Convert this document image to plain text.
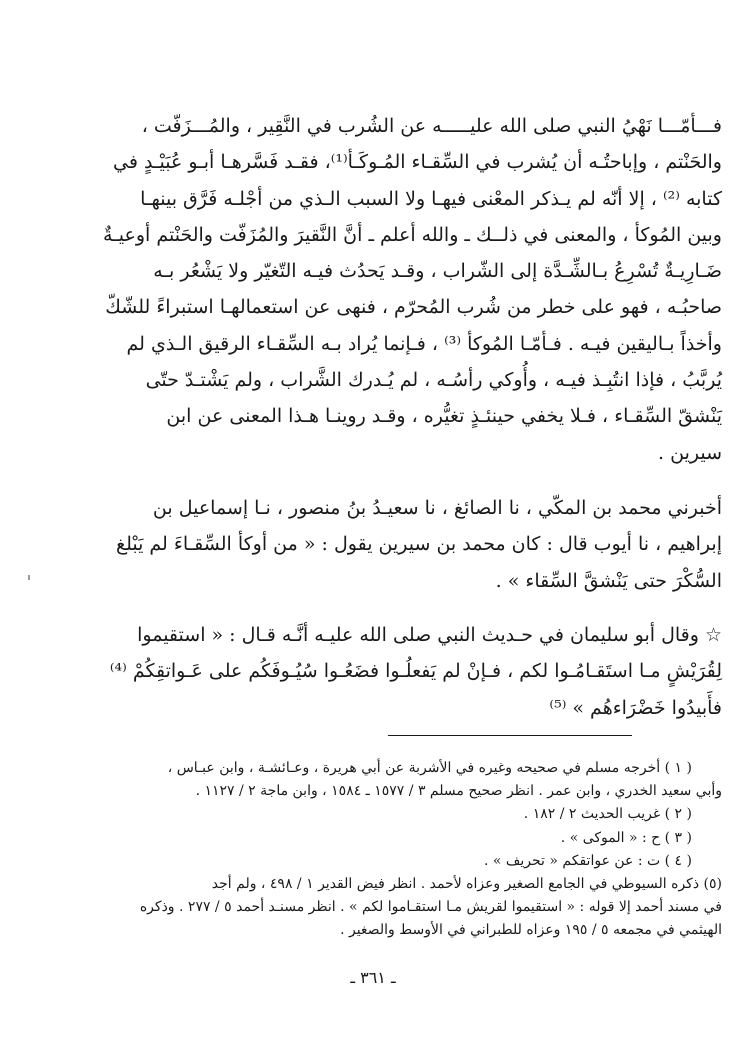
فـــأمّـــا نَهْيُ النبي صلى الله عليـــــه عن الشُرب في النَّقِير ، والمُـــزَفّت ،
والحَنْتم ، وإباحتُـه أن يُشرب في السِّقـاء المُـوكَـأ⁽¹⁾، فقـد فَسَّرهـا أبـو عُبَيْـدٍ في
كتابه ⁽²⁾ ، إلا أنّه لم يـذكر المعْنى فيهـا ولا السبب الـذي من أجْلـه فَرَّق بينهـا
وبين المُوكأ ، والمعنى في ذلــك ـ والله أعلم ـ أنَّ النَّقيرَ والمُزَفّت والحَنْتم أوعيـةٌ
ضَـارِيـةٌ تُسْرِعُ بـالشِّـدَّة إلى الشّراب ، وقـد يَحدُث فيـه التّغيّر ولا يَشْعُر بـه
صاحبُـه ، فهو على خطر من شُرب المُحرّم ، فنهى عن استعمالهـا استبراءً للشّكّ
وأخذاً بـاليقين فيـه . فـأمّـا المُوكأ ⁽³⁾ ، فـإنما يُراد بـه السِّقـاء الرقيق الـذي لم
يُربَّبُ ، فإذا انتُبِـذ فيـه ، وأُوكي رأسُـه ، لم يُـدرك الشَّراب ، ولم يَشْتـدّ حتّى
يَنْشقّ السِّقـاء ، فـلا يخفي حينئـذٍ تغيُّره ، وقـد روينـا هـذا المعنى عن ابن
سيرين .
أخبرني محمد بن المكّي ، نا الصائغ ، نا سعيـدُ بنُ منصور ، نـا إسماعيل بن
إبراهيم ، نا أيوب قال : كان محمد بن سيرين يقول : « من أوكأ السِّقـاءَ لم يَبْلغ
السُّكْرَ حتى يَنْشقَّ السِّقاء » .
☆ وقال أبو سليمان في حـديث النبي صلى الله عليـه أنَّـه قـال : « استقيموا
لِقُرَيْشٍ مـا استَقـامُـوا لكم ، فـإنْ لم يَفعلُـوا فضَعُـوا سُيُـوفَكُم على عَـواتقِكُمْ ⁽⁴⁾
فأَبيدُوا خَضْرَاءهُم » ⁽⁵⁾
( ١ ) أخرجه مسلم في صحيحه وغيره في الأشربة عن أبي هريرة ، وعـائشـة ، وابن عبـاس ،
وأبي سعيد الخدري ، وابن عمر . انظر صحيح مسلم ٣ / ١٥٧٧ ـ ١٥٨٤ ، وابن ماجة ٢ / ١١٢٧ .
( ٢ ) غريب الحديث ٢ / ١٨٢ .
( ٣ ) ح : « الموكى » .
( ٤ ) ت : عن عواتقكم « تحريف » .
(٥) ذكره السيوطي في الجامع الصغير وعزاه لأحمد . انظر فيض القدير ١ / ٤٩٨ ، ولم أجد
في مسند أحمد إلا قوله : « استقيموا لقريش مـا استقـاموا لكم » . انظر مسنـد أحمد ٥ / ٢٧٧ . وذكره
الهيثمي في مجمعه ٥ / ١٩٥ وعزاه للطبراني في الأوسط والصغير .
ـ ٣٦١ ـ
